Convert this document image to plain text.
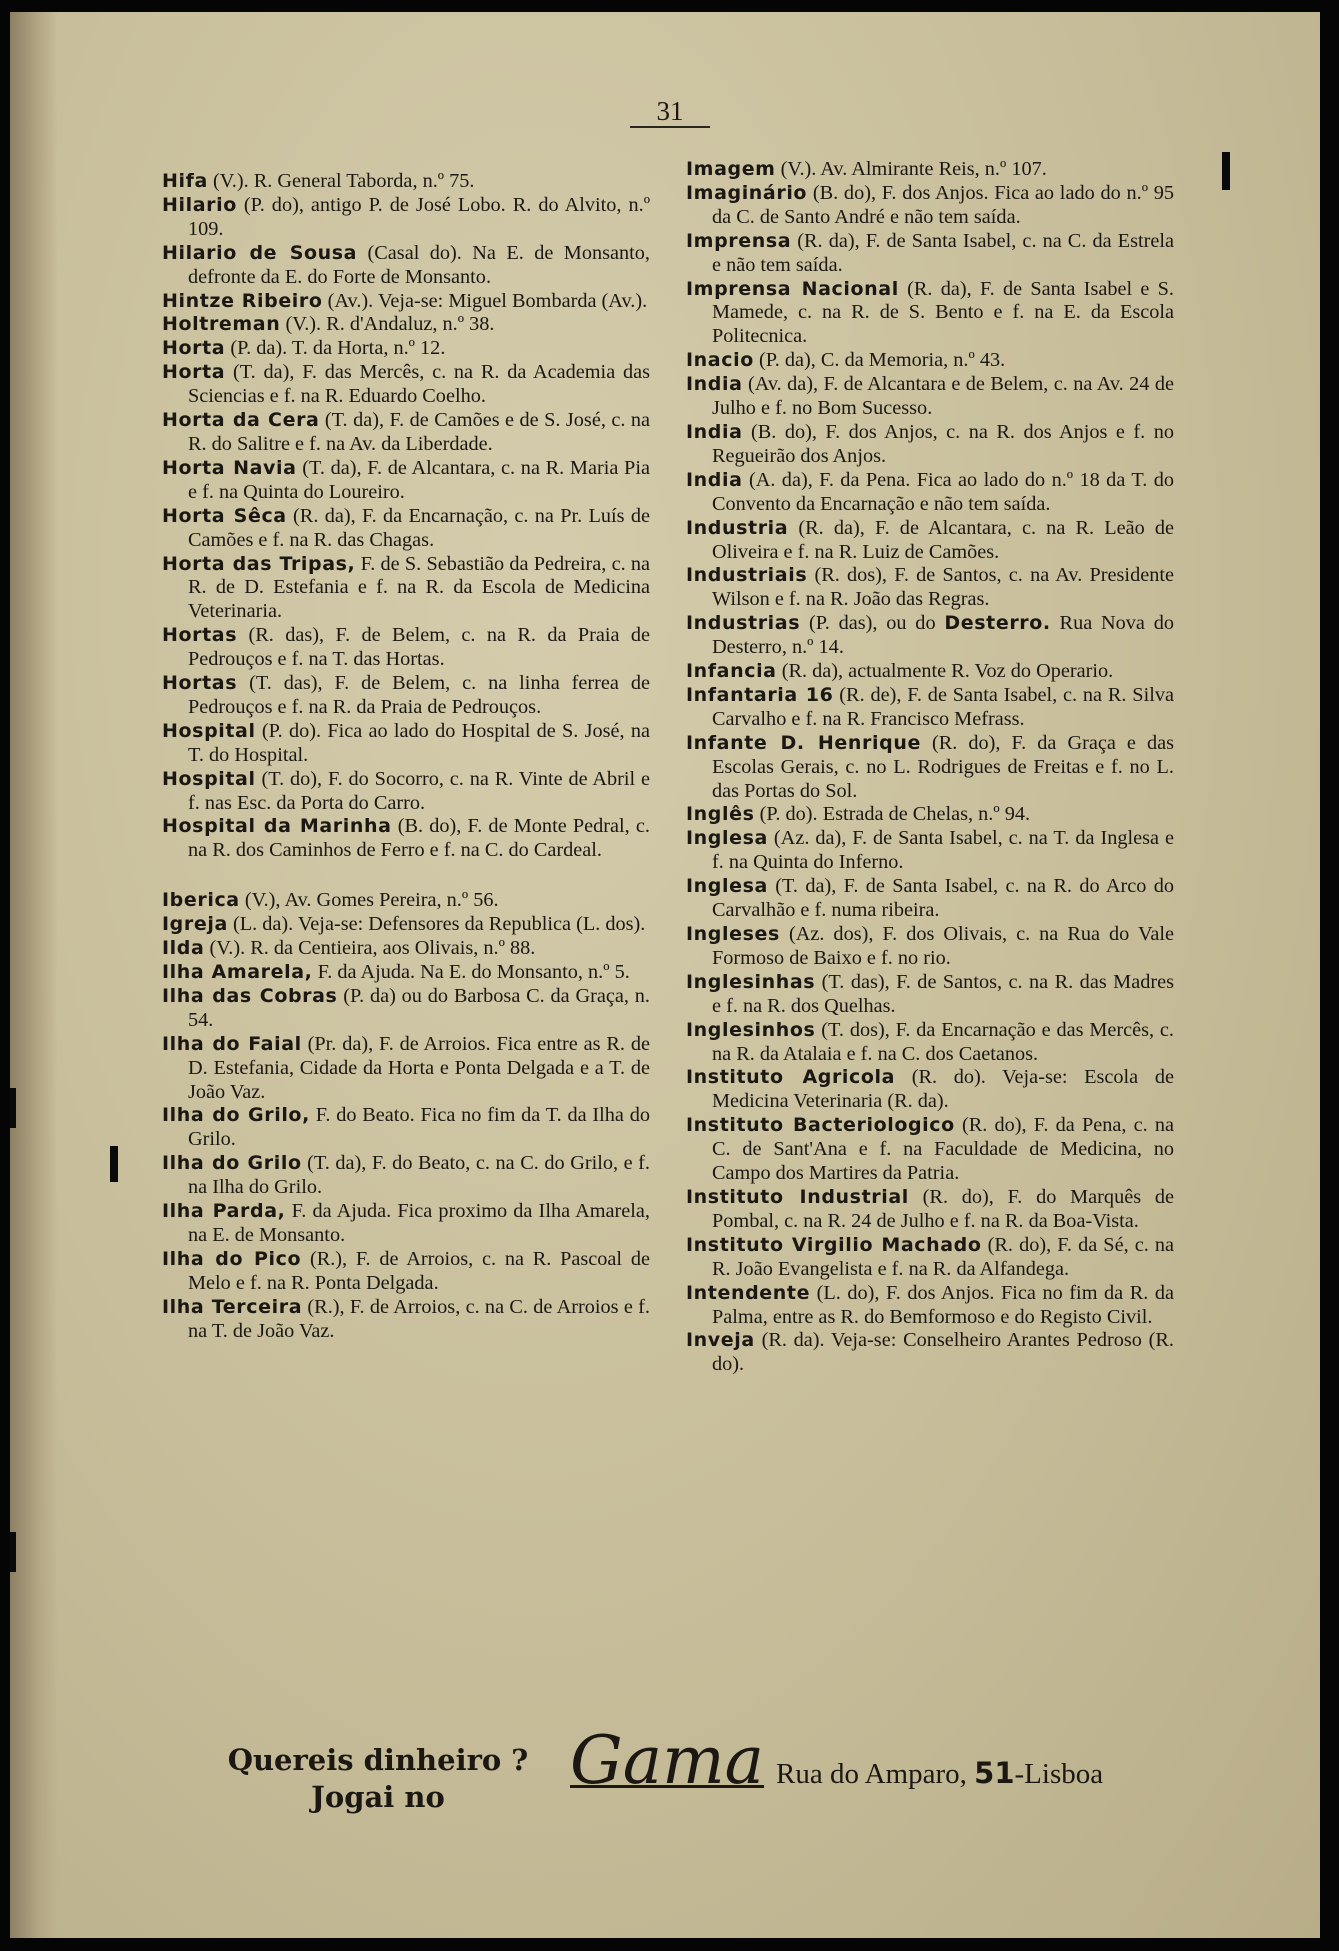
31

Hifa (V.). R. General Taborda, n.º 75.

Hilario (P. do), antigo P. de José Lobo. R. do Alvito, n.º 109.

Hilario de Sousa (Casal do). Na E. de Monsanto, defronte da E. do Forte de Monsanto.

Hintze Ribeiro (Av.). Veja-se: Miguel Bombarda (Av.).

Holtreman (V.). R. d'Andaluz, n.º 38.

Horta (P. da). T. da Horta, n.º 12.

Horta (T. da), F. das Mercês, c. na R. da Academia das Sciencias e f. na R. Eduardo Coelho.

Horta da Cera (T. da), F. de Camões e de S. José, c. na R. do Salitre e f. na Av. da Liberdade.

Horta Navia (T. da), F. de Alcantara, c. na R. Maria Pia e f. na Quinta do Loureiro.

Horta Sêca (R. da), F. da Encarnação, c. na Pr. Luís de Camões e f. na R. das Chagas.

Horta das Tripas, F. de S. Sebastião da Pedreira, c. na R. de D. Estefania e f. na R. da Escola de Medicina Veterinaria.

Hortas (R. das), F. de Belem, c. na R. da Praia de Pedrouços e f. na T. das Hortas.

Hortas (T. das), F. de Belem, c. na linha ferrea de Pedrouços e f. na R. da Praia de Pedrouços.

Hospital (P. do). Fica ao lado do Hospital de S. José, na T. do Hospital.

Hospital (T. do), F. do Socorro, c. na R. Vinte de Abril e f. nas Esc. da Porta do Carro.

Hospital da Marinha (B. do), F. de Monte Pedral, c. na R. dos Caminhos de Ferro e f. na C. do Cardeal.

Iberica (V.), Av. Gomes Pereira, n.º 56.

Igreja (L. da). Veja-se: Defensores da Republica (L. dos).

Ilda (V.). R. da Centieira, aos Olivais, n.º 88.

Ilha Amarela, F. da Ajuda. Na E. do Monsanto, n.º 5.

Ilha das Cobras (P. da) ou do Barbosa C. da Graça, n. 54.

Ilha do Faial (Pr. da), F. de Arroios. Fica entre as R. de D. Estefania, Cidade da Horta e Ponta Delgada e a T. de João Vaz.

Ilha do Grilo, F. do Beato. Fica no fim da T. da Ilha do Grilo.

Ilha do Grilo (T. da), F. do Beato, c. na C. do Grilo, e f. na Ilha do Grilo.

Ilha Parda, F. da Ajuda. Fica proximo da Ilha Amarela, na E. de Monsanto.

Ilha do Pico (R.), F. de Arroios, c. na R. Pascoal de Melo e f. na R. Ponta Delgada.

Ilha Terceira (R.), F. de Arroios, c. na C. de Arroios e f. na T. de João Vaz.

Imagem (V.). Av. Almirante Reis, n.º 107.

Imaginário (B. do), F. dos Anjos. Fica ao lado do n.º 95 da C. de Santo André e não tem saída.

Imprensa (R. da), F. de Santa Isabel, c. na C. da Estrela e não tem saída.

Imprensa Nacional (R. da), F. de Santa Isabel e S. Mamede, c. na R. de S. Bento e f. na E. da Escola Politecnica.

Inacio (P. da), C. da Memoria, n.º 43.

India (Av. da), F. de Alcantara e de Belem, c. na Av. 24 de Julho e f. no Bom Sucesso.

India (B. do), F. dos Anjos, c. na R. dos Anjos e f. no Regueirão dos Anjos.

India (A. da), F. da Pena. Fica ao lado do n.º 18 da T. do Convento da Encarnação e não tem saída.

Industria (R. da), F. de Alcantara, c. na R. Leão de Oliveira e f. na R. Luiz de Camões.

Industriais (R. dos), F. de Santos, c. na Av. Presidente Wilson e f. na R. João das Regras.

Industrias (P. das), ou do Desterro. Rua Nova do Desterro, n.º 14.

Infancia (R. da), actualmente R. Voz do Operario.

Infantaria 16 (R. de), F. de Santa Isabel, c. na R. Silva Carvalho e f. na R. Francisco Mefrass.

Infante D. Henrique (R. do), F. da Graça e das Escolas Gerais, c. no L. Rodrigues de Freitas e f. no L. das Portas do Sol.

Inglês (P. do). Estrada de Chelas, n.º 94.

Inglesa (Az. da), F. de Santa Isabel, c. na T. da Inglesa e f. na Quinta do Inferno.

Inglesa (T. da), F. de Santa Isabel, c. na R. do Arco do Carvalhão e f. numa ribeira.

Ingleses (Az. dos), F. dos Olivais, c. na Rua do Vale Formoso de Baixo e f. no rio.

Inglesinhas (T. das), F. de Santos, c. na R. das Madres e f. na R. dos Quelhas.

Inglesinhos (T. dos), F. da Encarnação e das Mercês, c. na R. da Atalaia e f. na C. dos Caetanos.

Instituto Agricola (R. do). Veja-se: Escola de Medicina Veterinaria (R. da).

Instituto Bacteriologico (R. do), F. da Pena, c. na C. de Sant'Ana e f. na Faculdade de Medicina, no Campo dos Martires da Patria.

Instituto Industrial (R. do), F. do Marquês de Pombal, c. na R. 24 de Julho e f. na R. da Boa-Vista.

Instituto Virgilio Machado (R. do), F. da Sé, c. na R. João Evangelista e f. na R. da Alfandega.

Intendente (L. do), F. dos Anjos. Fica no fim da R. da Palma, entre as R. do Bemformoso e do Registo Civil.

Inveja (R. da). Veja-se: Conselheiro Arantes Pedroso (R. do).

Quereis dinheiro ?
Jogai no	Gama Rua do Amparo, 51-Lisboa
